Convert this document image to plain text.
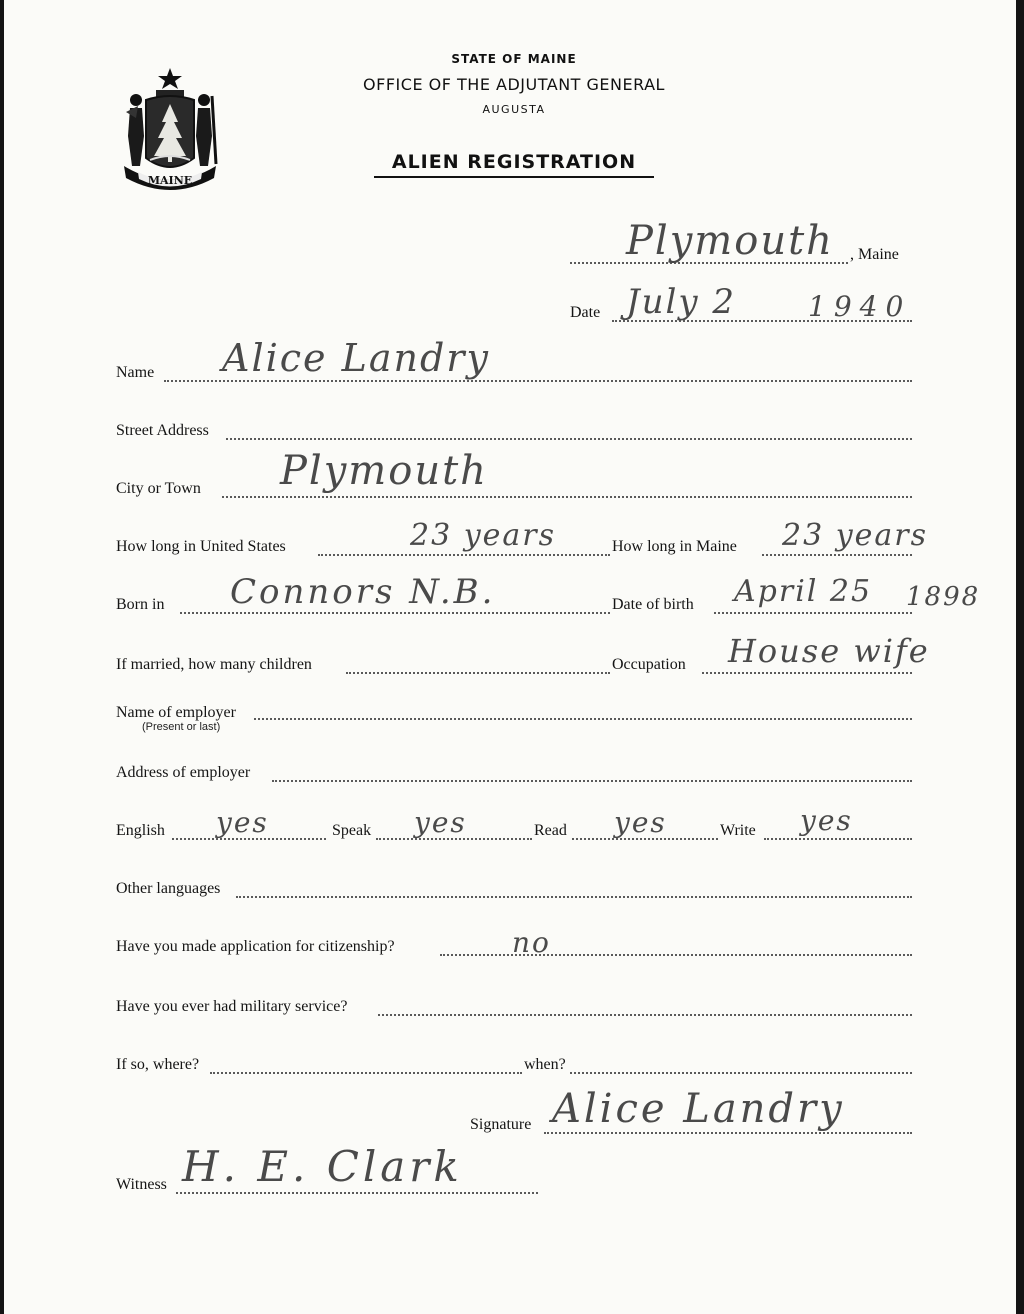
MAINE
STATE OF MAINE
OFFICE OF THE ADJUTANT GENERAL
AUGUSTA
ALIEN REGISTRATION
Plymouth , Maine
Date July 2	1940
Name Alice Landry
Street Address
City or Town Plymouth
How long in United States	23 years	How long in Maine 23 years
Born in Connors N.B.	Date of birth April 25 1898
If married, how many children	Occupation House wife
Name of employer
(Present or last)
Address of employer
English yes	Speak yes	Read yes	Write yes
Other languages
Have you made application for citizenship?	no
Have you ever had military service?
If so, where?	when?
Signature Alice Landry
Witness H. E. Clark
